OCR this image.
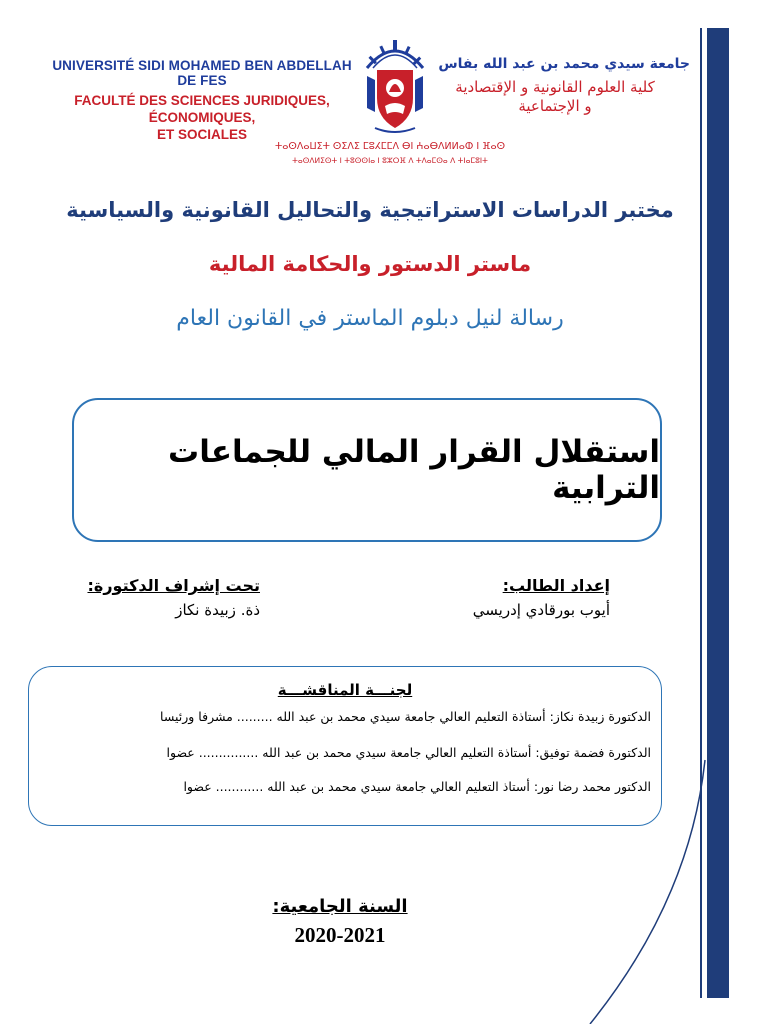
UNIVERSITÉ SIDI MOHAMED BEN ABDELLAH DE FES
FACULTÉ DES SCIENCES JURIDIQUES, ÉCONOMIQUES,
ET SOCIALES
جامعة سيدي محمد بن عبد الله بفاس
كلية العلوم القانونية و الإقتصادية
و الإجتماعية
ⵜⴰⵙⴷⴰⵡⵉⵜ ⵙⵉⴷⵉ ⵎⵓⵃⵎⵎⴷ ⴱⵏ ⵄⴰⴱⴷⵍⵍⴰⵀ ⵏ ⴼⴰⵙ
ⵜⴰⵙⴷⵍⵉⵙⵜ ⵏ ⵜⵓⵙⵙⵏⴰ ⵏ ⵓⵣⵔⴼ ⴷ ⵜⴷⴰⵎⵙⴰ ⴷ ⵜⵏⴰⵎⵓⵏⵜ
مختبر الدراسات الاستراتيجية والتحاليل القانونية والسياسية
ماستر الدستور والحكامة المالية
رسالة لنيل دبلوم الماستر في القانون العام
استقلال القرار المالي للجماعات الترابية
إعداد الطالب:
أيوب بورقادي إدريسي
تحت إشراف الدكتورة:
ذة. زبيدة نكاز
لجنـــة المناقشـــة
الدكتورة زبيدة نكاز: أستاذة التعليم العالي جامعة سيدي محمد بن عبد الله ......... مشرفا ورئيسا
الدكتورة فضمة توفيق: أستاذة التعليم العالي جامعة سيدي محمد بن عبد الله ............... عضوا
الدكتور محمد رضا نور: أستاذ التعليم العالي جامعة سيدي محمد بن عبد الله ............ عضوا
السنة الجامعية:
2020-2021
